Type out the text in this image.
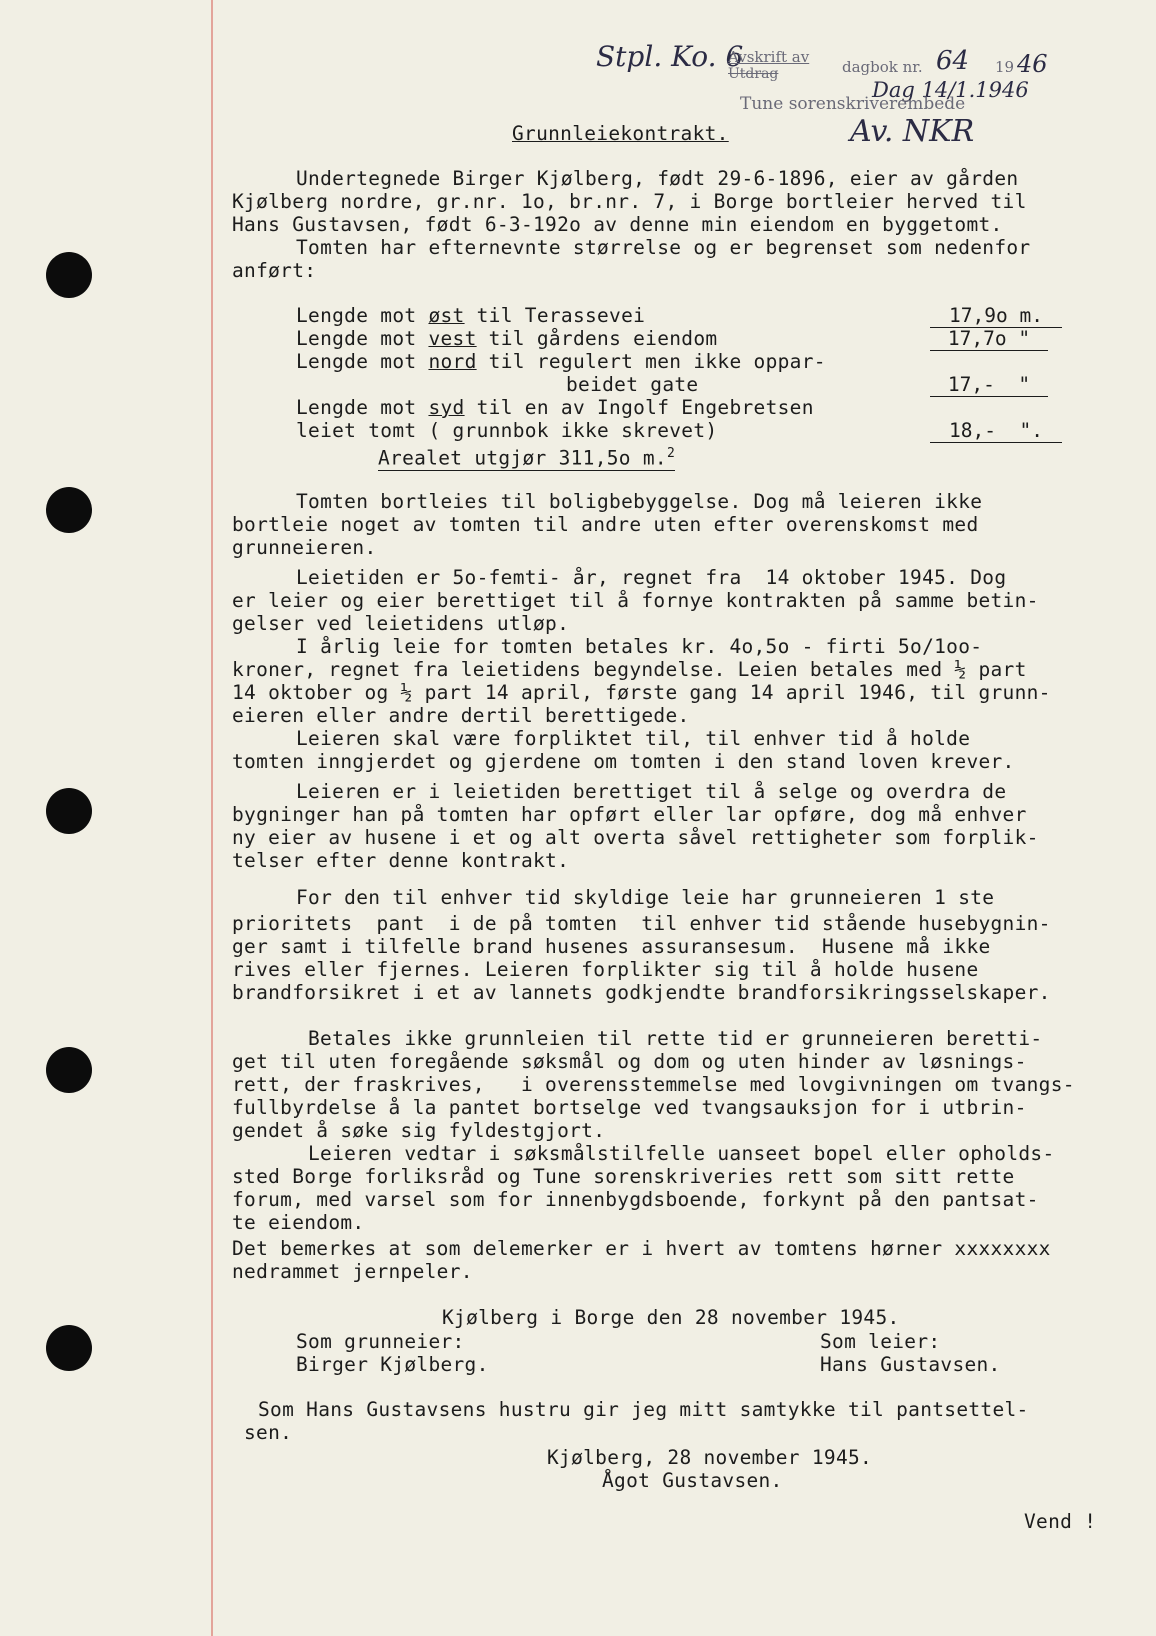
Stpl. Ko. 6
Avskrift av
Utdrag	dagbok nr. 64 19 46
Dag 14/1.1946
Tune sorenskriverembede
Av. NKR
Grunnleiekontrakt.
Undertegnede Birger Kjølberg, født 29-6-1896, eier av gården
Kjølberg nordre, gr.nr. 1o, br.nr. 7, i Borge bortleier herved til
Hans Gustavsen, født 6-3-192o av denne min eiendom en byggetomt.
Tomten har efternevnte størrelse og er begrenset som nedenfor
anført:
Lengde mot øst til Terassevei	17,9o m.
Lengde mot vest til gårdens eiendom	17,7o "
Lengde mot nord til regulert men ikke oppar-
beidet gate	17,-  "
Lengde mot syd til en av Ingolf Engebretsen
leiet tomt ( grunnbok ikke skrevet)	18,-  ".
Arealet utgjør 311,5o m.$^2$
Tomten bortleies til boligbebyggelse. Dog må leieren ikke
bortleie noget av tomten til andre uten efter overenskomst med
grunneieren.
Leietiden er 5o-femti- år, regnet fra  14 oktober 1945. Dog
er leier og eier berettiget til å fornye kontrakten på samme betin-
gelser ved leietidens utløp.
I årlig leie for tomten betales kr. 4o,5o - firti 5o/1oo-
kroner, regnet fra leietidens begyndelse. Leien betales med ½ part
14 oktober og ½ part 14 april, første gang 14 april 1946, til grunn-
eieren eller andre dertil berettigede.
Leieren skal være forpliktet til, til enhver tid å holde
tomten inngjerdet og gjerdene om tomten i den stand loven krever.
Leieren er i leietiden berettiget til å selge og overdra de
bygninger han på tomten har opført eller lar opføre, dog må enhver
ny eier av husene i et og alt overta såvel rettigheter som forplik-
telser efter denne kontrakt.
For den til enhver tid skyldige leie har grunneieren 1 ste
prioritets  pant  i de på tomten  til enhver tid stående husebygnin-
ger samt i tilfelle brand husenes assuransesum.  Husene må ikke
rives eller fjernes. Leieren forplikter sig til å holde husene
brandforsikret i et av lannets godkjendte brandforsikringsselskaper.
Betales ikke grunnleien til rette tid er grunneieren beretti-
get til uten foregående søksmål og dom og uten hinder av løsnings-
rett, der fraskrives,   i overensstemmelse med lovgivningen om tvangs-
fullbyrdelse å la pantet bortselge ved tvangsauksjon for i utbrin-
gendet å søke sig fyldestgjort.
Leieren vedtar i søksmålstilfelle uanseet bopel eller opholds-
sted Borge forliksråd og Tune sorenskriveries rett som sitt rette
forum, med varsel som for innenbygdsboende, forkynt på den pantsat-
te eiendom.
Det bemerkes at som delemerker er i hvert av tomtens hørner xxxxxxxx
nedrammet jernpeler.
Kjølberg i Borge den 28 november 1945.
Som grunneier:	Som leier:
Birger Kjølberg.	Hans Gustavsen.
Som Hans Gustavsens hustru gir jeg mitt samtykke til pantsettel-
sen.
Kjølberg, 28 november 1945.
Ågot Gustavsen.
Vend !
